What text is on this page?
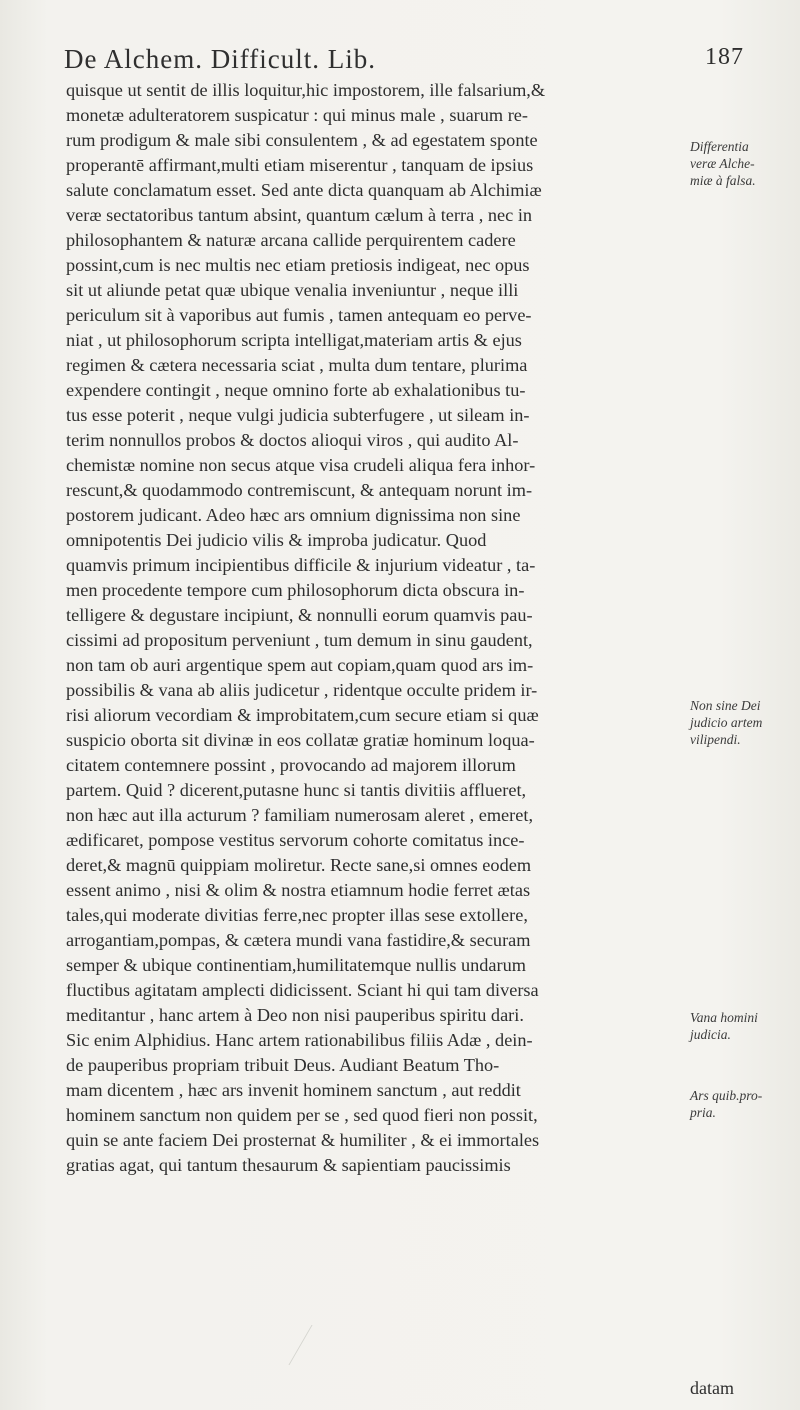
De Alchem. Difficult. Lib.	187
quisque ut sentit de illis loquitur,hic impostorem, ille falsarium,&
monetæ adulteratorem suspicatur : qui minus male , suarum re-
rum prodigum & male sibi consulentem , & ad egestatem sponte
properantē affirmant,multi etiam miserentur , tanquam de ipsius
salute conclamatum esset. Sed ante dicta quanquam ab Alchimiæ
veræ sectatoribus tantum absint, quantum cælum à terra , nec in
philosophantem & naturæ arcana callide perquirentem cadere
possint,cum is nec multis nec etiam pretiosis indigeat, nec opus
sit ut aliunde petat quæ ubique venalia inveniuntur , neque illi
periculum sit à vaporibus aut fumis , tamen antequam eo perve-
niat , ut philosophorum scripta intelligat,materiam artis & ejus
regimen & cætera necessaria sciat , multa dum tentare, plurima
expendere contingit , neque omnino forte ab exhalationibus tu-
tus esse poterit , neque vulgi judicia subterfugere , ut sileam in-
terim nonnullos probos & doctos alioqui viros , qui audito Al-
chemistæ nomine non secus atque visa crudeli aliqua fera inhor-
rescunt,& quodammodo contremiscunt, & antequam norunt im-
postorem judicant. Adeo hæc ars omnium dignissima non sine
omnipotentis Dei judicio vilis & improba judicatur. Quod
quamvis primum incipientibus difficile & injurium videatur , ta-
men procedente tempore cum philosophorum dicta obscura in-
telligere & degustare incipiunt, & nonnulli eorum quamvis pau-
cissimi ad propositum perveniunt , tum demum in sinu gaudent,
non tam ob auri argentique spem aut copiam,quam quod ars im-
possibilis & vana ab aliis judicetur , ridentque occulte pridem ir-
risi aliorum vecordiam & improbitatem,cum secure etiam si quæ
suspicio oborta sit divinæ in eos collatæ gratiæ hominum loqua-
citatem contemnere possint , provocando ad majorem illorum
partem. Quid ? dicerent,putasne hunc si tantis divitiis afflueret,
non hæc aut illa acturum ? familiam numerosam aleret , emeret,
ædificaret, pompose vestitus servorum cohorte comitatus ince-
deret,& magnū quippiam moliretur. Recte sane,si omnes eodem
essent animo , nisi & olim & nostra etiamnum hodie ferret ætas
tales,qui moderate divitias ferre,nec propter illas sese extollere,
arrogantiam,pompas, & cætera mundi vana fastidire,& securam
semper & ubique continentiam,humilitatemque nullis undarum
fluctibus agitatam amplecti didicissent. Sciant hi qui tam diversa
meditantur , hanc artem à Deo non nisi pauperibus spiritu dari.
Sic enim Alphidius. Hanc artem rationabilibus filiis Adæ , dein-
de pauperibus propriam tribuit Deus. Audiant Beatum Tho-
mam dicentem , hæc ars invenit hominem sanctum , aut reddit
hominem sanctum non quidem per se , sed quod fieri non possit,
quin se ante faciem Dei prosternat & humiliter , & ei immortales
gratias agat, qui tantum thesaurum & sapientiam paucissimis
datam
Differentia
veræ Alche-
miæ à falsa.
Non sine Dei
judicio artem
vilipendi.
Vana homini
judicia.
Ars quib.pro-
pria.
